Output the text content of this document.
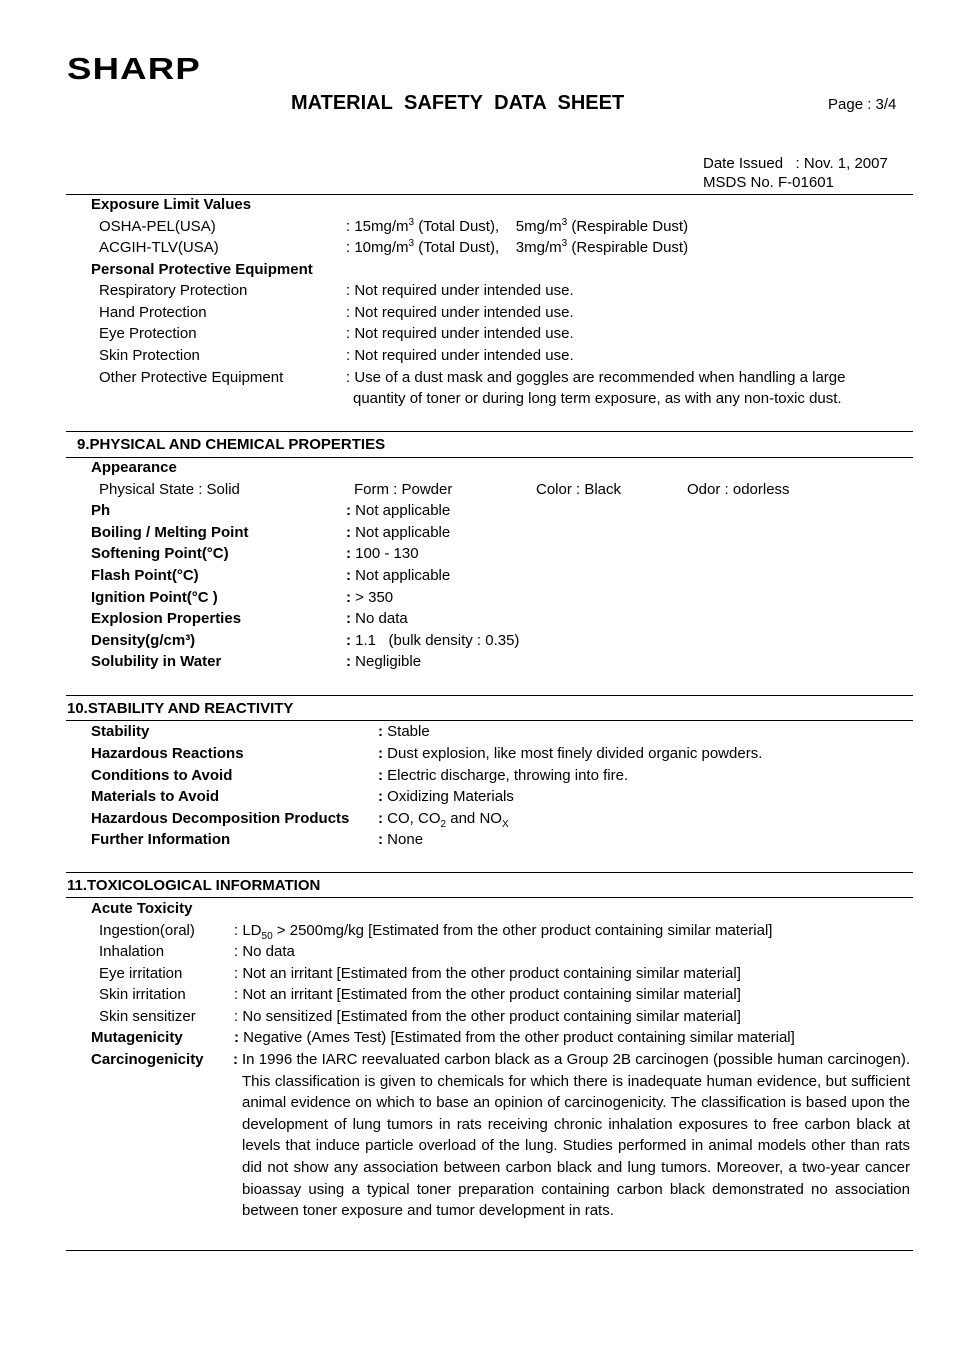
SHARP
MATERIAL SAFETY DATA SHEET	Page : 3/4
Date Issued   : Nov. 1, 2007
MSDS No. F-01601
Exposure Limit Values
OSHA-PEL(USA)	: $15mg/m^3$ (Total Dust),    $5mg/m^3$ (Respirable Dust)
ACGIH-TLV(USA)	: $10mg/m^3$ (Total Dust),    $3mg/m^3$ (Respirable Dust)
Personal Protective Equipment
Respiratory Protection	: Not required under intended use.
Hand Protection	: Not required under intended use.
Eye Protection	: Not required under intended use.
Skin Protection	: Not required under intended use.
Other Protective Equipment	: Use of a dust mask and goggles are recommended when handling a large
quantity of toner or during long term exposure, as with any non-toxic dust.
9.PHYSICAL AND CHEMICAL PROPERTIES
Appearance
Physical State : Solid	Form : Powder	Color : Black	Odor : odorless
Ph	: Not applicable
Boiling / Melting Point	: Not applicable
Softening Point(°C)	: 100 - 130
Flash Point(°C)	: Not applicable
Ignition Point(°C )	: > 350
Explosion Properties	: No data
Density(g/cm³)	: 1.1   (bulk density : 0.35)
Solubility in Water	: Negligible
10.STABILITY AND REACTIVITY
Stability	: Stable
Hazardous Reactions	: Dust explosion, like most finely divided organic powders.
Conditions to Avoid	: Electric discharge, throwing into fire.
Materials to Avoid	: Oxidizing Materials
Hazardous Decomposition Products : CO, $CO_2$ and $NO_X$
Further Information	: None
11.TOXICOLOGICAL INFORMATION
Acute Toxicity
Ingestion(oral)	: $LD_{50} > 2500mg/kg$ [Estimated from the other product containing similar material]
Inhalation	: No data
Eye irritation	: Not an irritant [Estimated from the other product containing similar material]
Skin irritation	: Not an irritant [Estimated from the other product containing similar material]
Skin sensitizer	: No sensitized [Estimated from the other product containing similar material]
Mutagenicity	: Negative (Ames Test) [Estimated from the other product containing similar material]
Carcinogenicity : In 1996 the IARC reevaluated carbon black as a Group 2B carcinogen (possible human carcinogen). This classification is given to chemicals for which there is inadequate human evidence, but sufficient animal evidence on which to base an opinion of carcinogenicity. The classification is based upon the development of lung tumors in rats receiving chronic inhalation exposures to free carbon black at levels that induce particle overload of the lung. Studies performed in animal models other than rats did not show any association between carbon black and lung tumors. Moreover, a two-year cancer bioassay using a typical toner preparation containing carbon black demonstrated no association between toner exposure and tumor development in rats.
